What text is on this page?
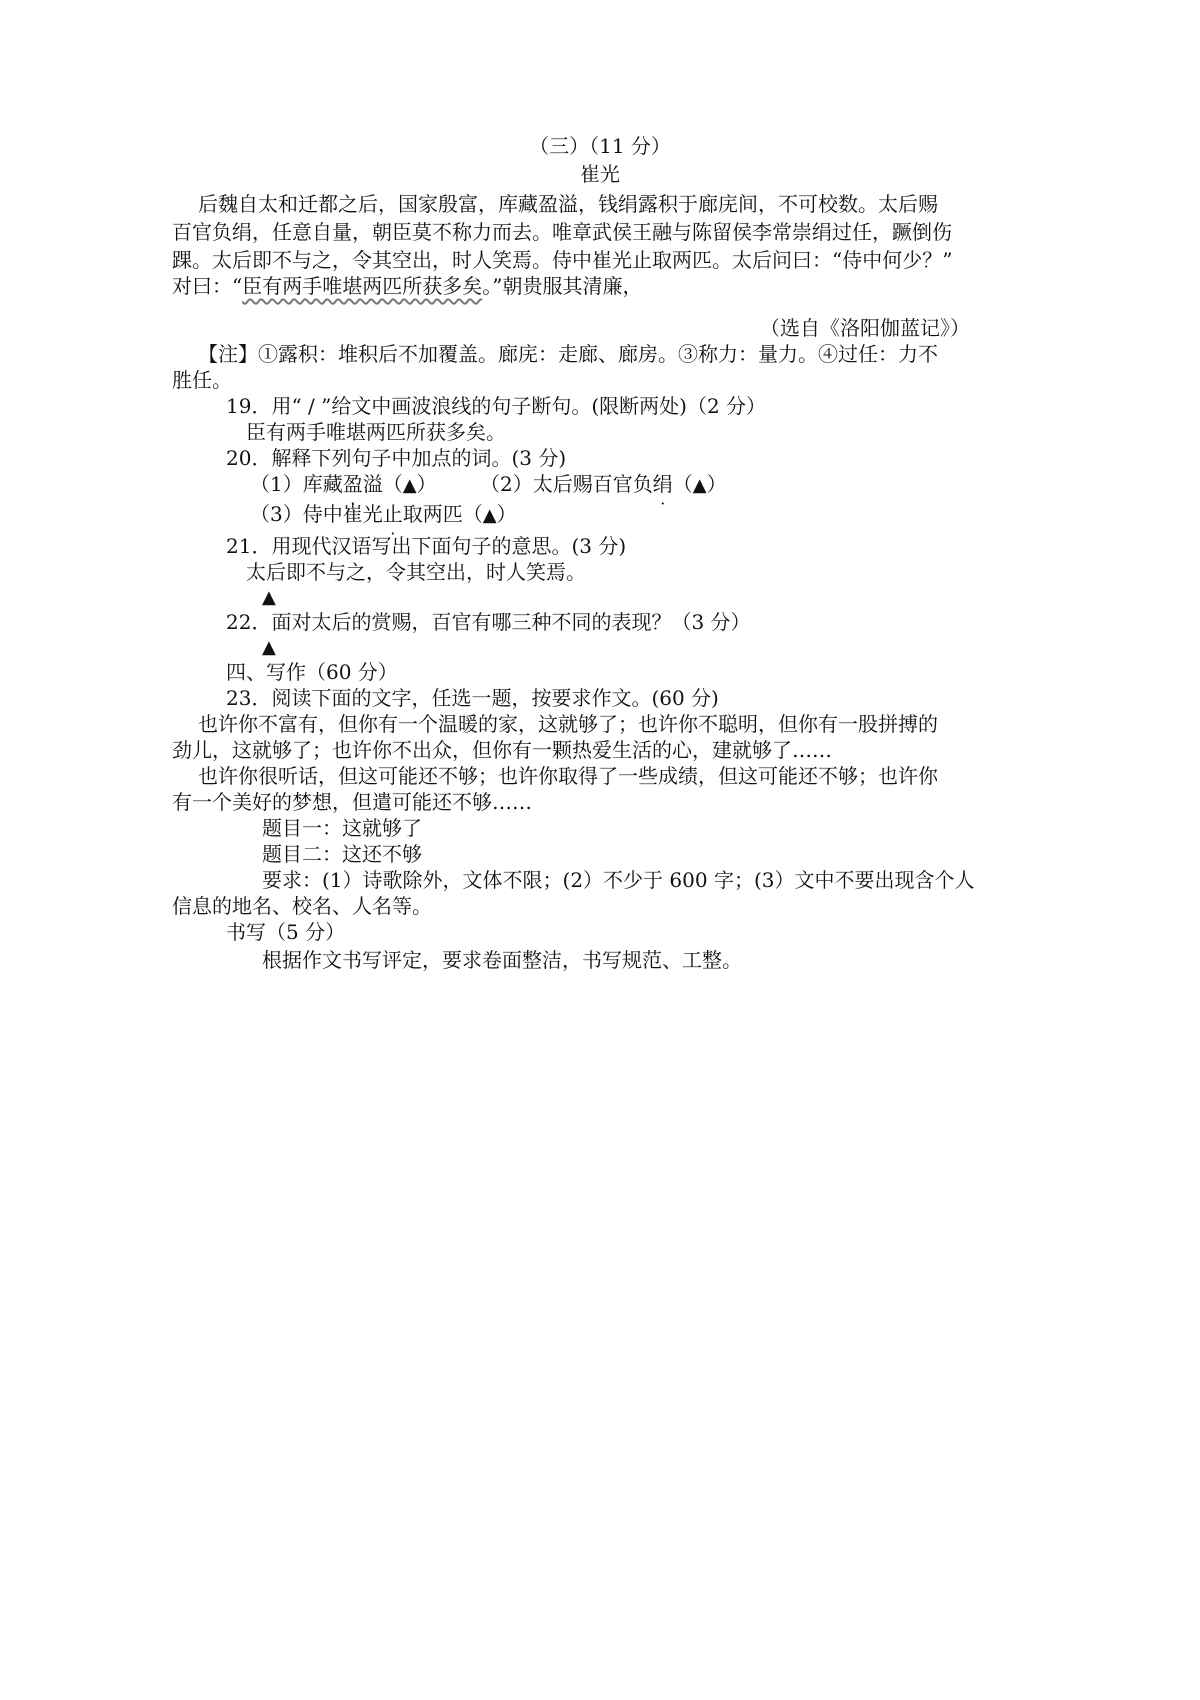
（三）（11 分）
崔光
后魏自太和迁都之后，国家殷富，库藏盈溢，钱绢露积于廊庑间，不可校数。太后赐
百官负绢，任意自量，朝臣莫不称力而去。唯章武侯王融与陈留侯李常崇绢过任，蹶倒伤
踝。太后即不与之，令其空出，时人笑焉。侍中崔光止取两匹。太后问曰：“侍中何少？”
对曰：“臣有两手唯堪两匹所获多矣。”朝贵服其清廉，
（选自《洛阳伽蓝记》）
【注】①露积：堆积后不加覆盖。廊庑：走廊、廊房。③称力：量力。④过任：力不
胜任。
19．用“ / ”给文中画波浪线的句子断句。(限断两处)（2 分）
臣有两手唯堪两匹所获多矣。
20．解释下列句子中加点的词。(3 分)
（1）库藏盈溢（▲） （2）太后赐百官负绢（▲）
（3）侍中崔光止取两匹（▲）
21．用现代汉语写出下面句子的意思。(3 分)
太后即不与之，令其空出，时人笑焉。
▲
22．面对太后的赏赐，百官有哪三种不同的表现？（3 分）
▲
四、写作（60 分）
23．阅读下面的文字，任选一题，按要求作文。(60 分)
也许你不富有，但你有一个温暖的家，这就够了；也许你不聪明，但你有一股拼搏的
劲儿，这就够了；也许你不出众，但你有一颗热爱生活的心，建就够了……
也许你很听话，但这可能还不够；也许你取得了一些成绩，但这可能还不够；也许你
有一个美好的梦想，但遣可能还不够……
题目一：这就够了
题目二：这还不够
要求：(1）诗歌除外，文体不限；(2）不少于 600 字；(3）文中不要出现含个人
信息的地名、校名、人名等。
书写（5 分）
根据作文书写评定，要求卷面整洁，书写规范、工整。
